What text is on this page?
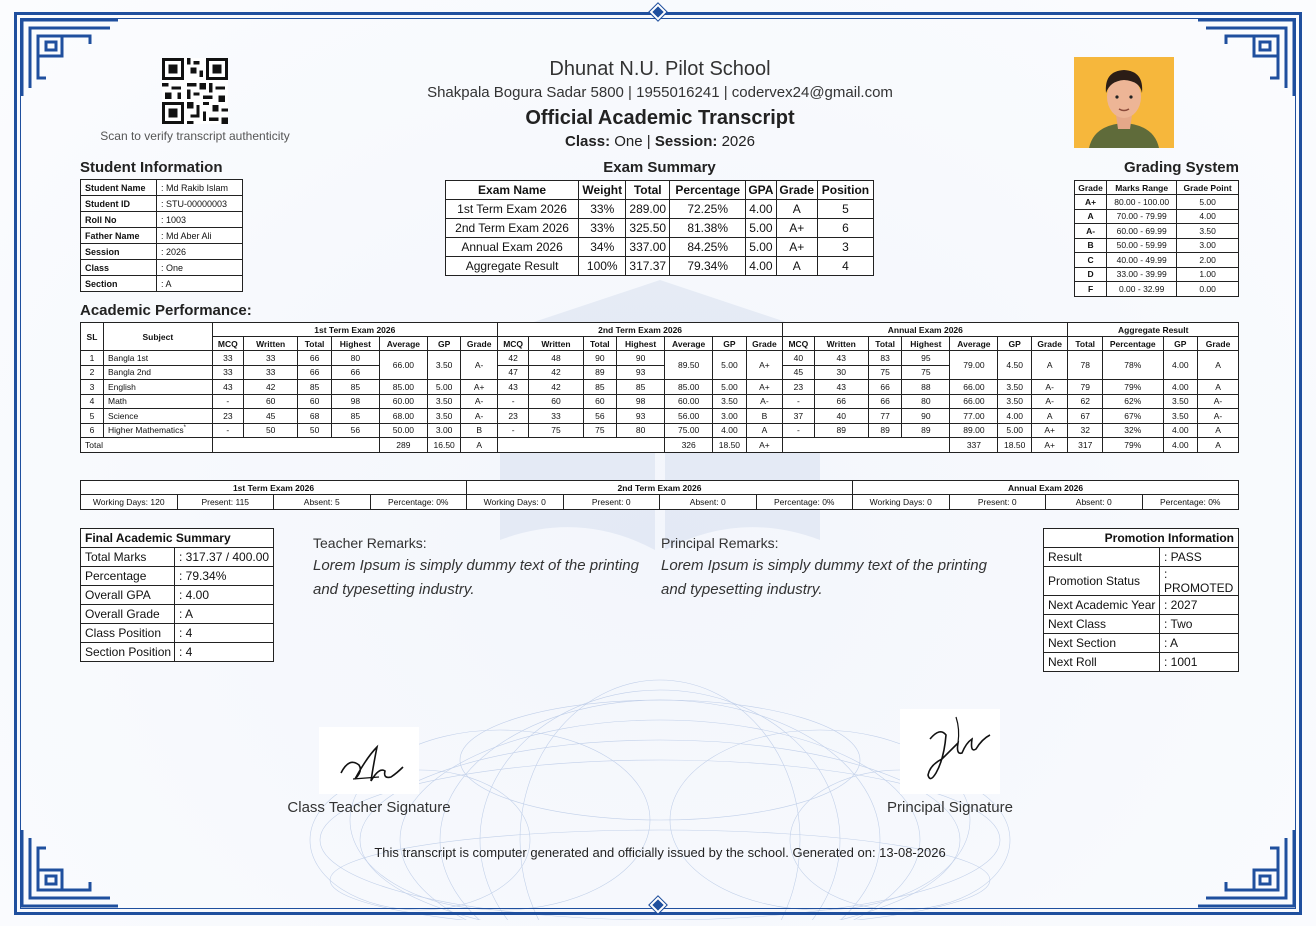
Scan to verify transcript authenticity
Dhunat N.U. Pilot School
Shakpala Bogura Sadar 5800 | 1955016241 | codervex24@gmail.com
Official Academic Transcript
Class: One | Session: 2026
Student Information	Exam Summary	Grading System
Student Name	: Md Rakib Islam
Student ID	: STU-00000003
Roll No	: 1003
Father Name	: Md Aber Ali
Session	: 2026
Class	: One
Section	: A
Exam Name	Weight	Total	Percentage	GPA	Grade	Position
1st Term Exam 2026	33%	289.00	72.25%	4.00	A	5
2nd Term Exam 2026	33%	325.50	81.38%	5.00	A+	6
Annual Exam 2026	34%	337.00	84.25%	5.00	A+	3
Aggregate Result	100%	317.37	79.34%	4.00	A	4
Grade	Marks Range	Grade Point
A+	80.00 - 100.00	5.00
A	70.00 - 79.99	4.00
A-	60.00 - 69.99	3.50
B	50.00 - 59.99	3.00
C	40.00 - 49.99	2.00
D	33.00 - 39.99	1.00
F	0.00 - 32.99	0.00
Academic Performance:
SL	Subject	1st Term Exam 2026							2nd Term Exam 2026							Annual Exam 2026							Aggregate Result			
		MCQ	Written	Total	Highest	Average	GP	Grade	MCQ	Written	Total	Highest	Average	GP	Grade	MCQ	Written	Total	Highest	Average	GP	Grade	Total	Percentage	GP	Grade
1	Bangla 1st	33	33	66	80	66.00	3.50	A-	42	48	90	90	89.50	5.00	A+	40	43	83	95	79.00	4.50	A	78	78%	4.00	A
2	Bangla 2nd	33	33	66	66				47	42	89	93				45	30	75	75							
3	English	43	42	85	85	85.00	5.00	A+	43	42	85	85	85.00	5.00	A+	23	43	66	88	66.00	3.50	A-	79	79%	4.00	A
4	Math	-	60	60	98	60.00	3.50	A-	-	60	60	98	60.00	3.50	A-	-	66	66	80	66.00	3.50	A-	62	62%	3.50	A-
5	Science	23	45	68	85	68.00	3.50	A-	23	33	56	93	56.00	3.00	B	37	40	77	90	77.00	4.00	A	67	67%	3.50	A-
6	Higher Mathematics*	-	50	50	56	50.00	3.00	B	-	75	75	80	75.00	4.00	A	-	89	89	89	89.00	5.00	A+	32	32%	4.00	A
Total						289	16.50	A					326	18.50	A+					337	18.50	A+	317	79%	4.00	A
1st Term Exam 2026				2nd Term Exam 2026				Annual Exam 2026			
Working Days: 120	Present: 115	Absent: 5	Percentage: 0%	Working Days: 0	Present: 0	Absent: 0	Percentage: 0%	Working Days: 0	Present: 0	Absent: 0	Percentage: 0%
Final Academic Summary	
Total Marks	: 317.37 / 400.00
Percentage	: 79.34%
Overall GPA	: 4.00
Overall Grade	: A
Class Position	: 4
Section Position	: 4
Teacher Remarks:
Lorem Ipsum is simply dummy text of the printing and typesetting industry.
Principal Remarks:
Lorem Ipsum is simply dummy text of the printing and typesetting industry.
Promotion Information	
Result	: PASS
Promotion Status	: PROMOTED
Next Academic Year	: 2027
Next Class	: Two
Next Section	: A
Next Roll	: 1001
Class Teacher Signature	Principal Signature
This transcript is computer generated and officially issued by the school. Generated on: 13-08-2026
